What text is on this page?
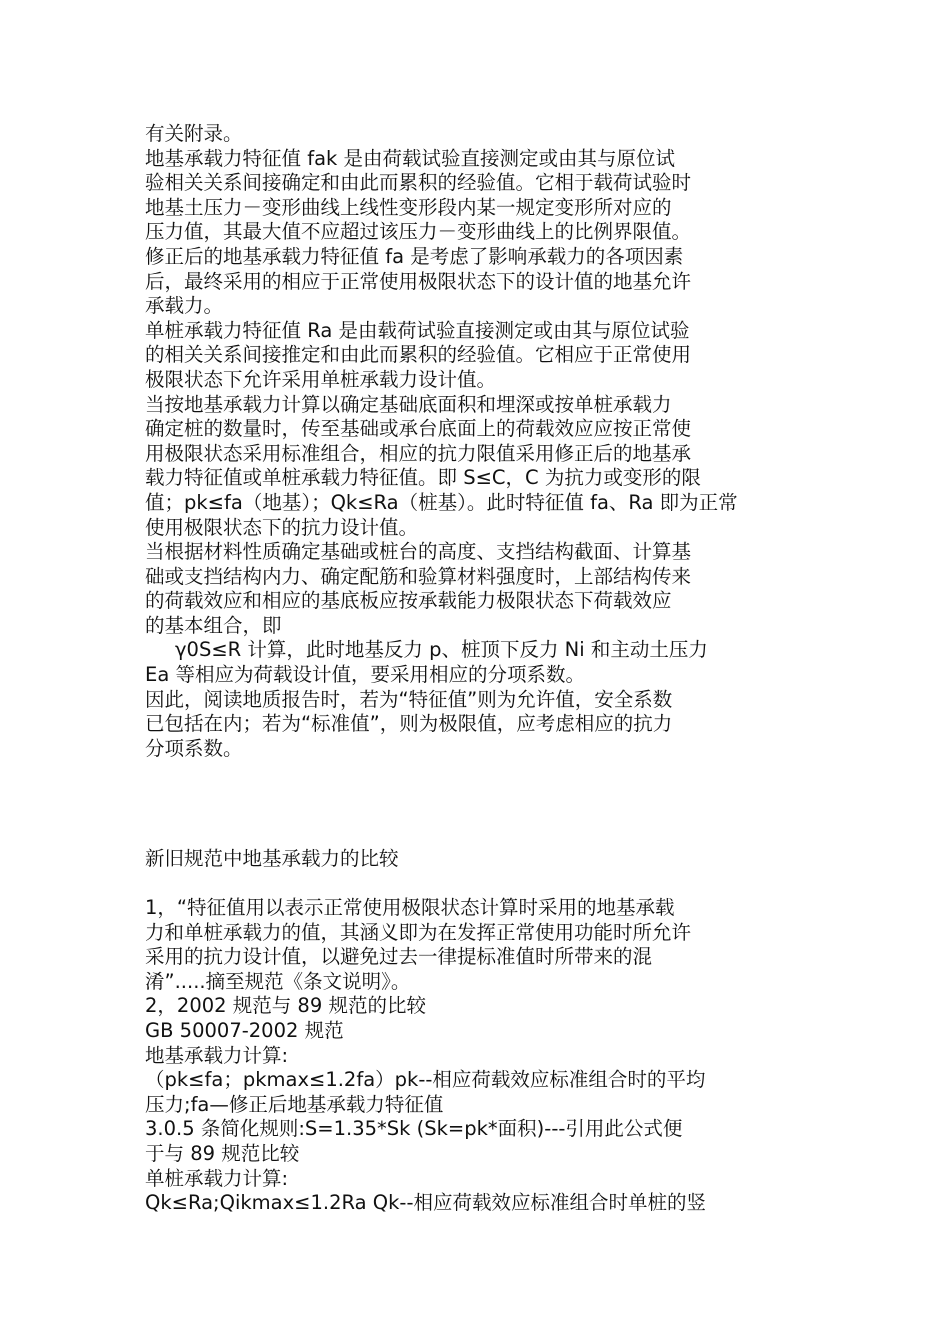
有关附录。
地基承载力特征值 fak 是由荷载试验直接测定或由其与原位试
验相关关系间接确定和由此而累积的经验值。它相于载荷试验时
地基土压力－变形曲线上线性变形段内某一规定变形所对应的
压力值，其最大值不应超过该压力－变形曲线上的比例界限值。
修正后的地基承载力特征值 fa 是考虑了影响承载力的各项因素
后，最终采用的相应于正常使用极限状态下的设计值的地基允许
承载力。
单桩承载力特征值 Ra 是由载荷试验直接测定或由其与原位试验
的相关关系间接推定和由此而累积的经验值。它相应于正常使用
极限状态下允许采用单桩承载力设计值。
当按地基承载力计算以确定基础底面积和埋深或按单桩承载力
确定桩的数量时，传至基础或承台底面上的荷载效应应按正常使
用极限状态采用标准组合，相应的抗力限值采用修正后的地基承
载力特征值或单桩承载力特征值。即 S≤C，C 为抗力或变形的限
值；pk≤fa（地基）；Qk≤Ra（桩基）。此时特征值 fa、Ra 即为正常
使用极限状态下的抗力设计值。
当根据材料性质确定基础或桩台的高度、支挡结构截面、计算基
础或支挡结构内力、确定配筋和验算材料强度时，上部结构传来
的荷载效应和相应的基底板应按承载能力极限状态下荷载效应
的基本组合，即
γ0S≤R 计算，此时地基反力 p、桩顶下反力 Ni 和主动土压力
Ea 等相应为荷载设计值，要采用相应的分项系数。
因此，阅读地质报告时，若为“特征值”则为允许值，安全系数
已包括在内；若为“标准值”，则为极限值，应考虑相应的抗力
分项系数。
新旧规范中地基承载力的比较
1，“特征值用以表示正常使用极限状态计算时采用的地基承载
力和单桩承载力的值，其涵义即为在发挥正常使用功能时所允许
采用的抗力设计值，以避免过去一律提标准值时所带来的混
淆”.....摘至规范《条文说明》。
2，2002 规范与 89 规范的比较
GB 50007-2002 规范
地基承载力计算:
（pk≤fa；pkmax≤1.2fa）pk--相应荷载效应标准组合时的平均
压力;fa—修正后地基承载力特征值
3.0.5 条简化规则:S=1.35*Sk (Sk=pk*面积)---引用此公式便
于与 89 规范比较
单桩承载力计算:
Qk≤Ra;Qikmax≤1.2Ra Qk--相应荷载效应标准组合时单桩的竖
